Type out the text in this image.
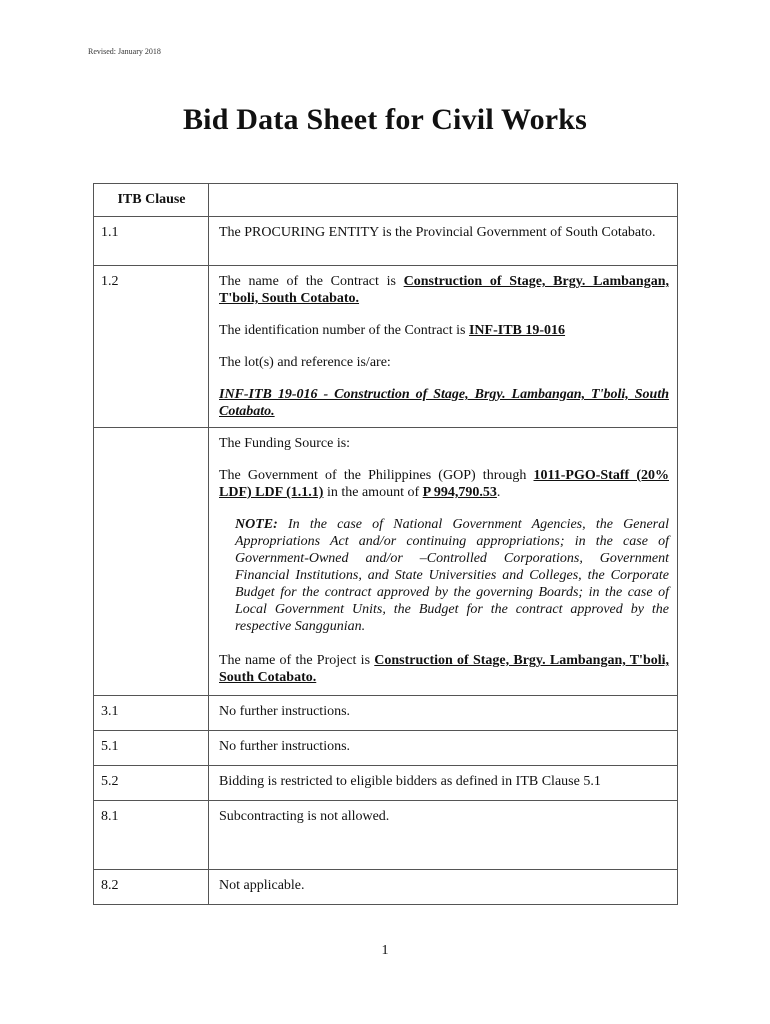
Revised: January 2018
Bid Data Sheet for Civil Works
ITB Clause	
1.1	The PROCURING ENTITY is the Provincial Government of South Cotabato.

1.2	The name of the Contract is Construction of Stage, Brgy. Lambangan, T'boli, South Cotabato.

The identification number of the Contract is INF-ITB 19-016

The lot(s) and reference is/are:

INF-ITB 19-016 - Construction of Stage, Brgy. Lambangan, T'boli, South Cotabato.

	The Funding Source is:

The Government of the Philippines (GOP) through 1011-PGO-Staff (20% LDF) LDF (1.1.1) in the amount of P 994,790.53.

NOTE: In the case of National Government Agencies, the General Appropriations Act and/or continuing appropriations; in the case of Government-Owned and/or –Controlled Corporations, Government Financial Institutions, and State Universities and Colleges, the Corporate Budget for the contract approved by the governing Boards; in the case of Local Government Units, the Budget for the contract approved by the respective Sanggunian.

The name of the Project is Construction of Stage, Brgy. Lambangan, T'boli, South Cotabato.

3.1	No further instructions.
5.1	No further instructions.
5.2	Bidding is restricted to eligible bidders as defined in ITB Clause 5.1
8.1	Subcontracting is not allowed.
8.2	Not applicable.
1
